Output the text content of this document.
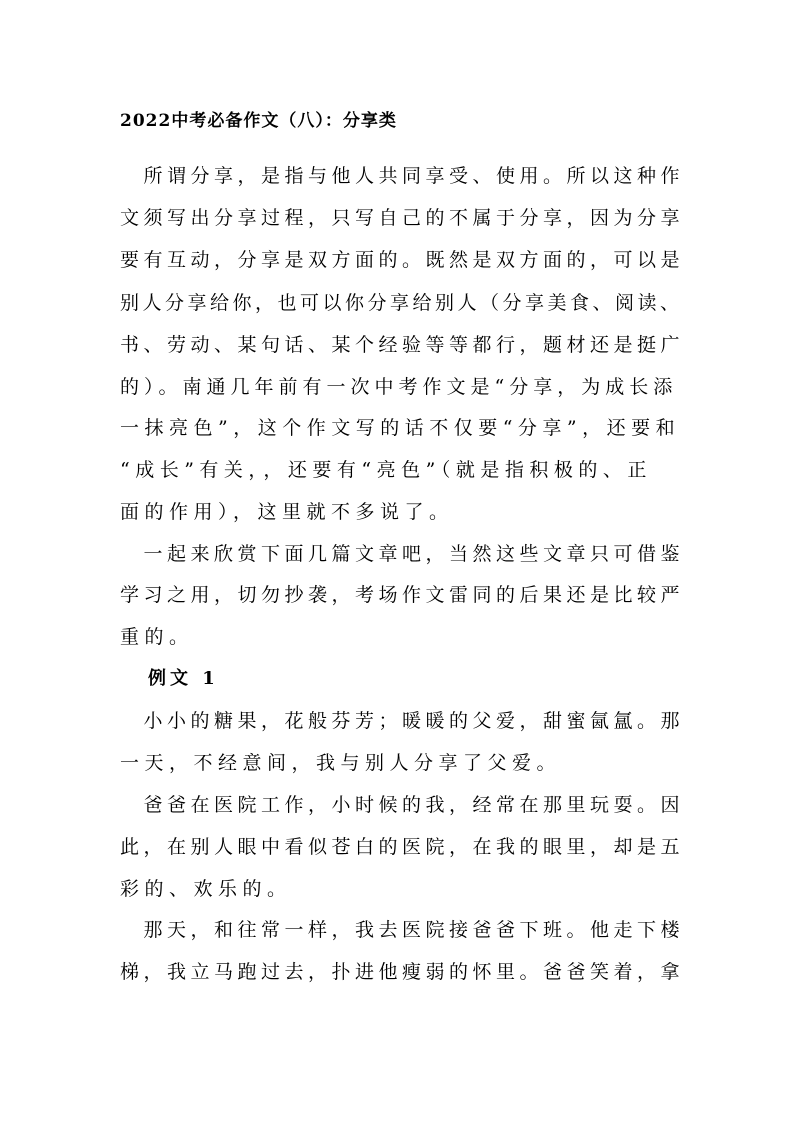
2022中考必备作文（八）：分享类
　所谓分享，是指与他人共同享受、使用。所以这种作
文须写出分享过程，只写自己的不属于分享，因为分享
要有互动，分享是双方面的。既然是双方面的，可以是
别人分享给你，也可以你分享给别人（分享美食、阅读、
书、劳动、某句话、某个经验等等都行，题材还是挺广
的）。南通几年前有一次中考作文是“分享，为成长添
一抹亮色”，这个作文写的话不仅要“分享”，还要和
“成长”有关，，还要有“亮色”（就是指积极的、正
面的作用），这里就不多说了。
　一起来欣赏下面几篇文章吧，当然这些文章只可借鉴
学习之用，切勿抄袭，考场作文雷同的后果还是比较严
重的。
例文 1
　小小的糖果，花般芬芳；暖暖的父爱，甜蜜氤氲。那
一天，不经意间，我与别人分享了父爱。
　爸爸在医院工作，小时候的我，经常在那里玩耍。因
此，在别人眼中看似苍白的医院，在我的眼里，却是五
彩的、欢乐的。
　那天，和往常一样，我去医院接爸爸下班。他走下楼
梯，我立马跑过去，扑进他瘦弱的怀里。爸爸笑着，拿
